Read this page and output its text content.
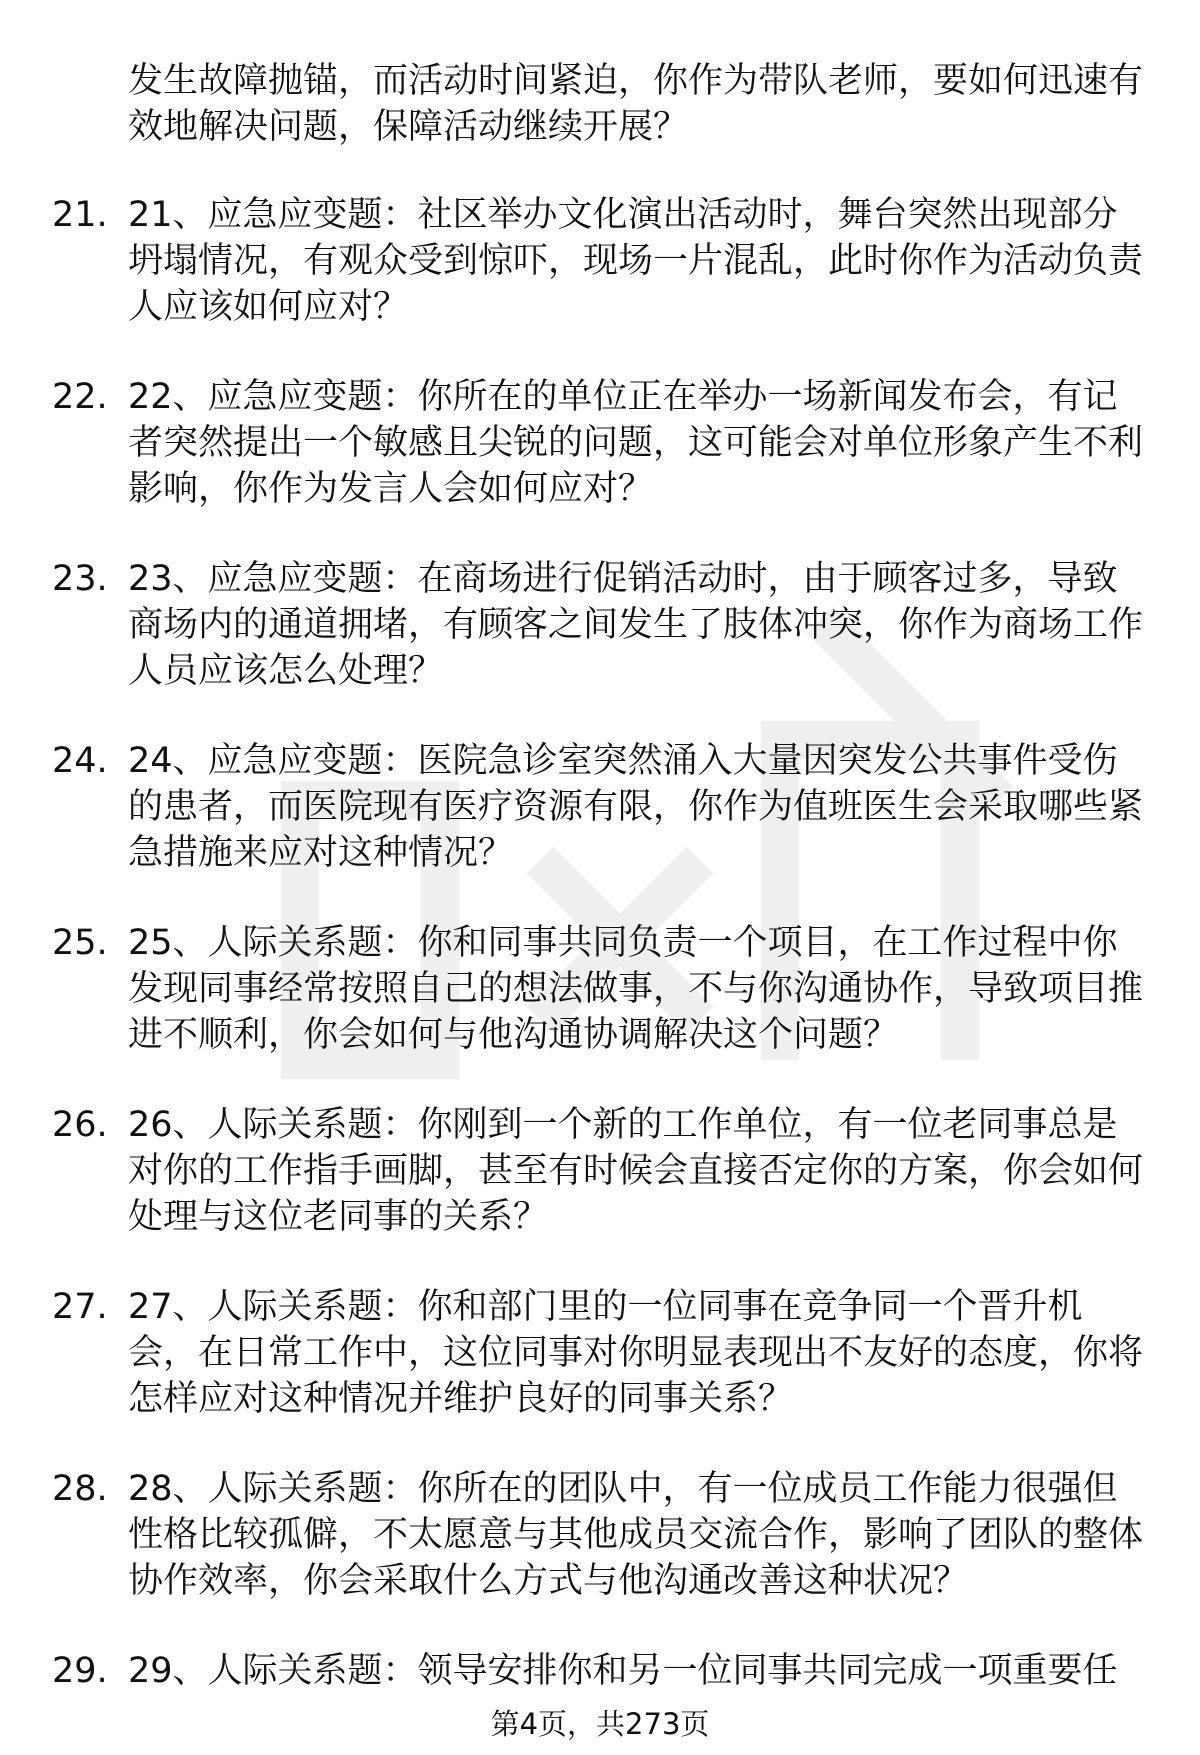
发生故障抛锚，而活动时间紧迫，你作为带队老师，要如何迅速有效地解决问题，保障活动继续开展？
21. 21、应急应变题：社区举办文化演出活动时，舞台突然出现部分坍塌情况，有观众受到惊吓，现场一片混乱，此时你作为活动负责人应该如何应对？
22. 22、应急应变题：你所在的单位正在举办一场新闻发布会，有记者突然提出一个敏感且尖锐的问题，这可能会对单位形象产生不利影响，你作为发言人会如何应对？
23. 23、应急应变题：在商场进行促销活动时，由于顾客过多，导致商场内的通道拥堵，有顾客之间发生了肢体冲突，你作为商场工作人员应该怎么处理？
24. 24、应急应变题：医院急诊室突然涌入大量因突发公共事件受伤的患者，而医院现有医疗资源有限，你作为值班医生会采取哪些紧急措施来应对这种情况？
25. 25、人际关系题：你和同事共同负责一个项目，在工作过程中你发现同事经常按照自己的想法做事，不与你沟通协作，导致项目推进不顺利，你会如何与他沟通协调解决这个问题？
26. 26、人际关系题：你刚到一个新的工作单位，有一位老同事总是对你的工作指手画脚，甚至有时候会直接否定你的方案，你会如何处理与这位老同事的关系？
27. 27、人际关系题：你和部门里的一位同事在竞争同一个晋升机会，在日常工作中，这位同事对你明显表现出不友好的态度，你将怎样应对这种情况并维护良好的同事关系？
28. 28、人际关系题：你所在的团队中，有一位成员工作能力很强但性格比较孤僻，不太愿意与其他成员交流合作，影响了团队的整体协作效率，你会采取什么方式与他沟通改善这种状况？
29. 29、人际关系题：领导安排你和另一位同事共同完成一项重要任
第4页，共273页
